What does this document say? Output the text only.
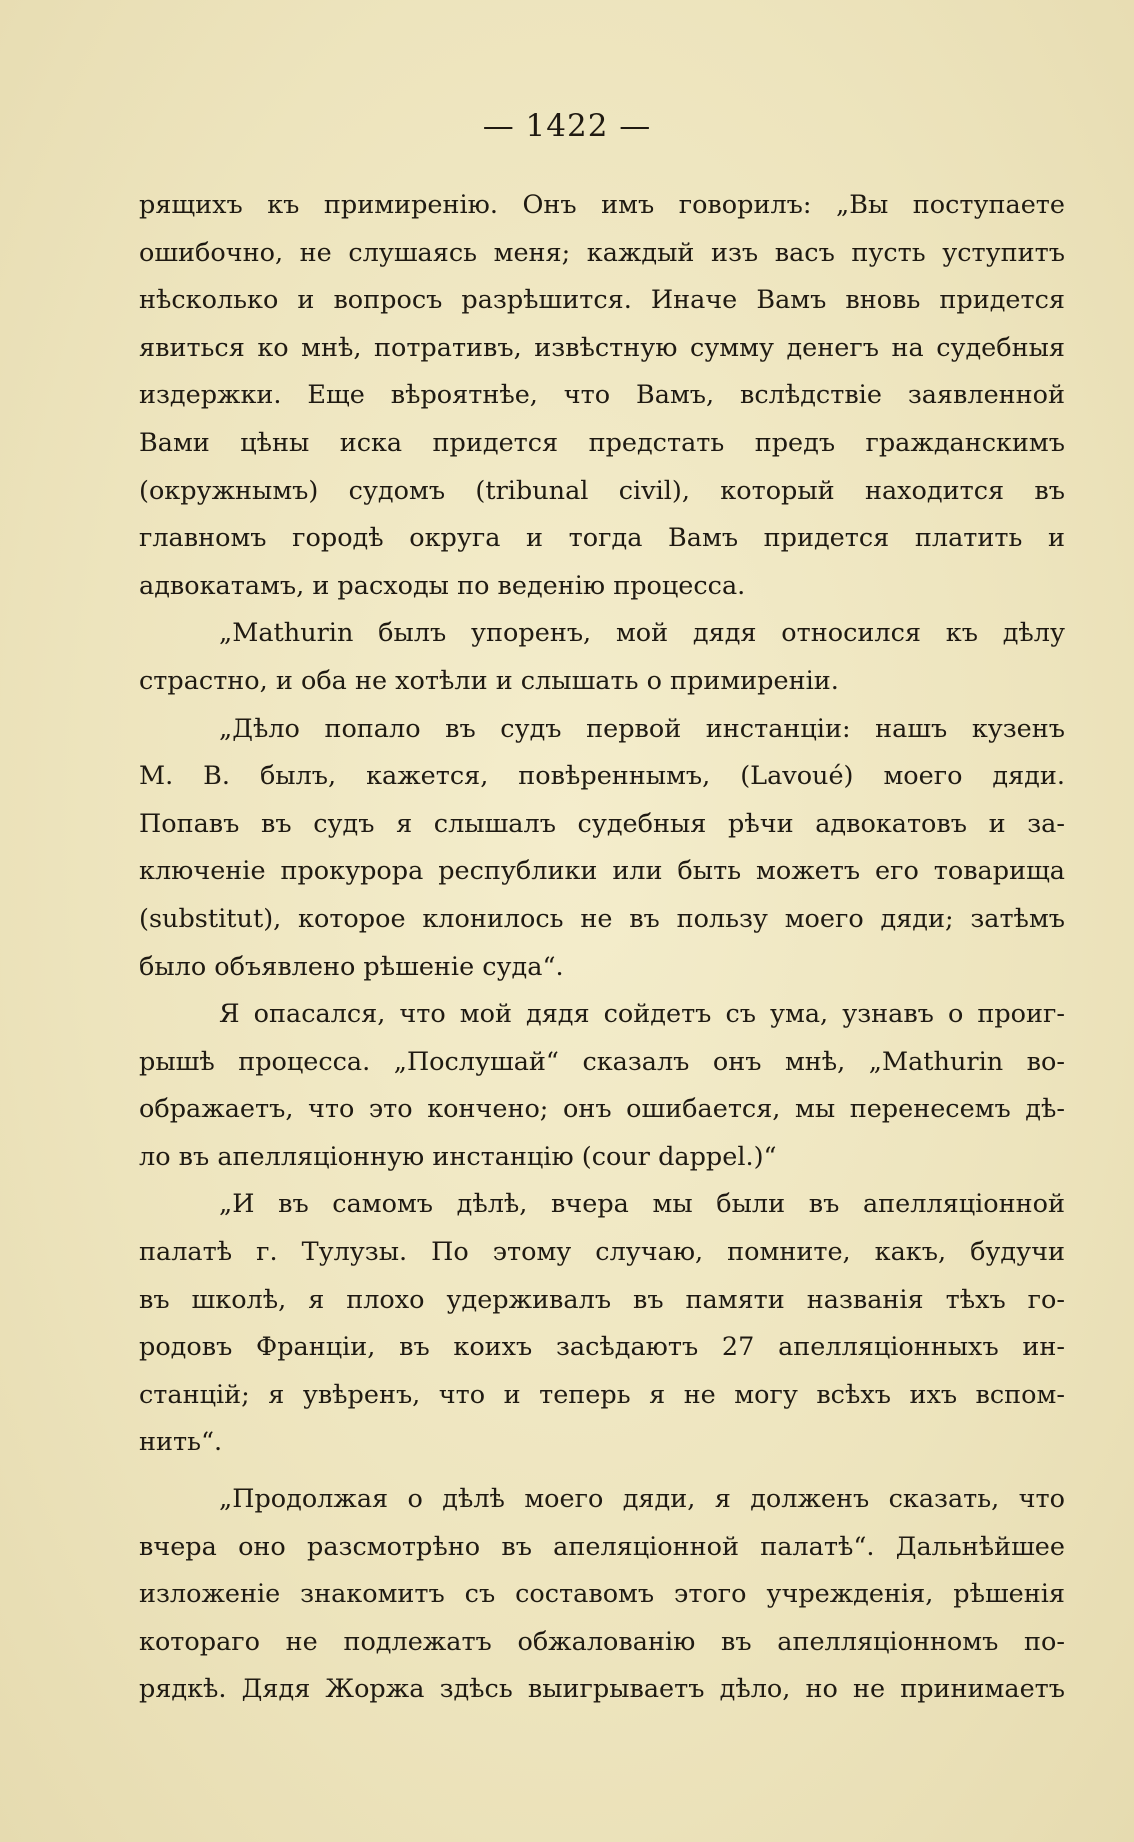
— 1422 —
рящихъ къ примиренію. Онъ имъ говорилъ: „Вы поступаете
ошибочно, не слушаясь меня; каждый изъ васъ пусть уступитъ
нѣсколько и вопросъ разрѣшится. Иначе Вамъ вновь придется
явиться ко мнѣ, потративъ, извѣстную сумму денегъ на судебныя
издержки. Еще вѣроятнѣе, что Вамъ, вслѣдствіе заявленной
Вами цѣны иска придется предстать предъ гражданскимъ
(окружнымъ) судомъ (tribunal civil), который находится въ
главномъ городѣ округа и тогда Вамъ придется платить и
адвокатамъ, и расходы по веденію процесса.
„Mathurin былъ упоренъ, мой дядя относился къ дѣлу
страстно, и оба не хотѣли и слышать о примиреніи.
„Дѣло попало въ судъ первой инстанціи: нашъ кузенъ
М. В. былъ, кажется, повѣреннымъ, (Lavoué) моего дяди.
Попавъ въ судъ я слышалъ судебныя рѣчи адвокатовъ и за-
ключеніе прокурора республики или быть можетъ его товарища
(substitut), которое клонилось не въ пользу моего дяди; затѣмъ
было объявлено рѣшеніе суда“.
Я опасался, что мой дядя сойдетъ съ ума, узнавъ о проиг-
рышѣ процесса. „Послушай“ сказалъ онъ мнѣ, „Mathurin во-
ображаетъ, что это кончено; онъ ошибается, мы перенесемъ дѣ-
ло въ апелляціонную инстанцію (cour dappel.)“
„И въ самомъ дѣлѣ, вчера мы были въ апелляціонной
палатѣ г. Тулузы. По этому случаю, помните, какъ, будучи
въ школѣ, я плохо удерживалъ въ памяти названія тѣхъ го-
родовъ Франціи, въ коихъ засѣдаютъ 27 апелляціонныхъ ин-
станцій; я увѣренъ, что и теперь я не могу всѣхъ ихъ вспом-
нить“.
„Продолжая о дѣлѣ моего дяди, я долженъ сказать, что
вчера оно разсмотрѣно въ апеляціонной палатѣ“. Дальнѣйшее
изложеніе знакомитъ съ составомъ этого учрежденія, рѣшенія
котораго не подлежатъ обжалованію въ апелляціонномъ по-
рядкѣ. Дядя Жоржа здѣсь выигрываетъ дѣло, но не принимаетъ
